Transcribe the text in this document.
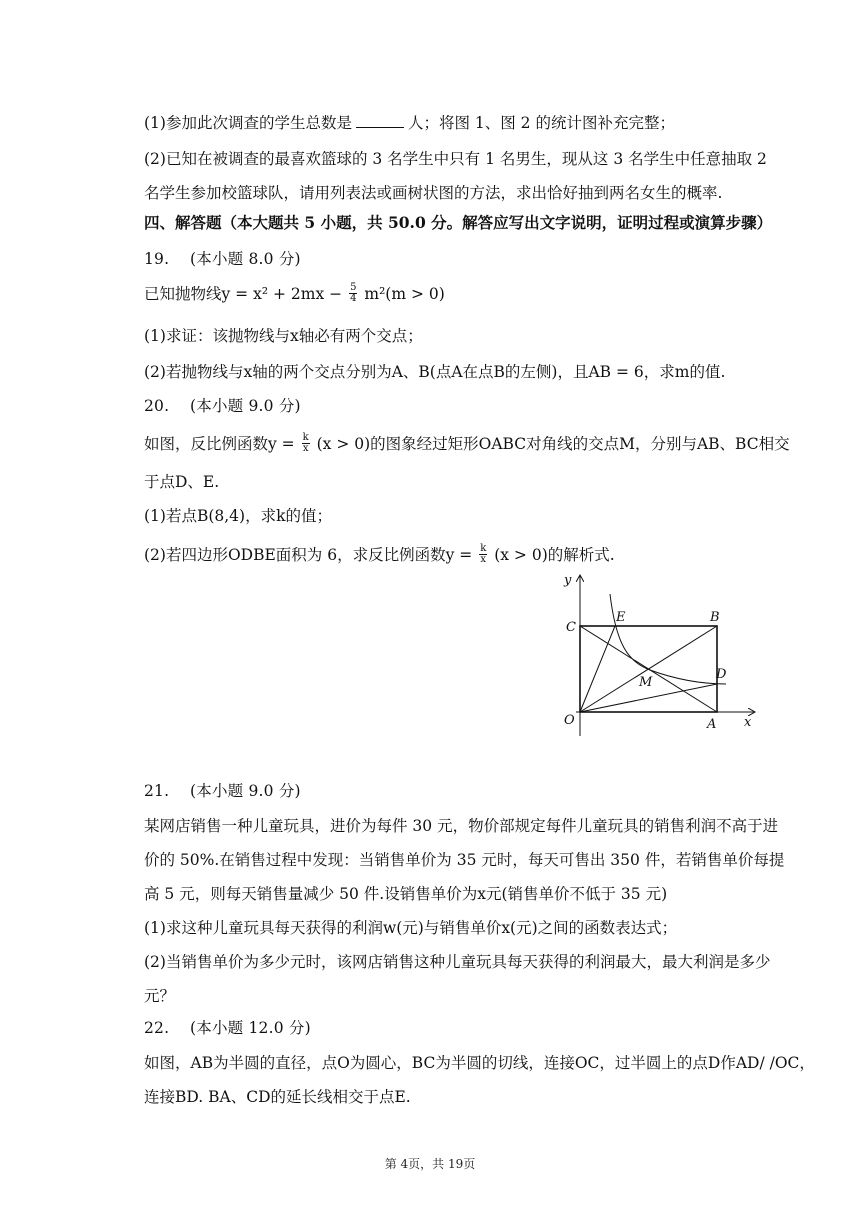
(1)参加此次调查的学生总数是	人；将图 1、图 2 的统计图补充完整；
(2)已知在被调查的最喜欢篮球的 3 名学生中只有 1 名男生，现从这 3 名学生中任意抽取 2
名学生参加校篮球队，请用列表法或画树状图的方法，求出恰好抽到两名女生的概率.
四、解答题（本大题共 5 小题，共 50.0 分。解答应写出文字说明，证明过程或演算步骤）
19. (本小题 8.0 分)
已知抛物线$y = x^2 + 2mx - \frac{5}{4} m^2(m > 0)$
(1)求证：该抛物线与x轴必有两个交点；
(2)若抛物线与x轴的两个交点分别为A、B(点A在点B的左侧)，且AB = 6，求m的值.
20. (本小题 9.0 分)
如图，反比例函数$y = \frac{k}{x} (x > 0)$的图象经过矩形OABC对角线的交点M，分别与AB、BC相交
于点D、E.
(1)若点B(8,4)，求k的值；
(2)若四边形ODBE面积为 6，求反比例函数$y = \frac{k}{x} (x > 0)$的解析式.
C
E	B
D
M
O	A x
y
21. (本小题 9.0 分)
某网店销售一种儿童玩具，进价为每件 30 元，物价部规定每件儿童玩具的销售利润不高于进
价的 50%.在销售过程中发现：当销售单价为 35 元时，每天可售出 350 件，若销售单价每提
高 5 元，则每天销售量减少 50 件.设销售单价为x元(销售单价不低于 35 元)
(1)求这种儿童玩具每天获得的利润w(元)与销售单价x(元)之间的函数表达式；
(2)当销售单价为多少元时，该网店销售这种儿童玩具每天获得的利润最大，最大利润是多少
元？
22. (本小题 12.0 分)
如图，AB为半圆的直径，点O为圆心，BC为半圆的切线，连接OC，过半圆上的点D作AD/ /OC，
连接BD. BA、CD的延长线相交于点E.
第 4页，共 19页
